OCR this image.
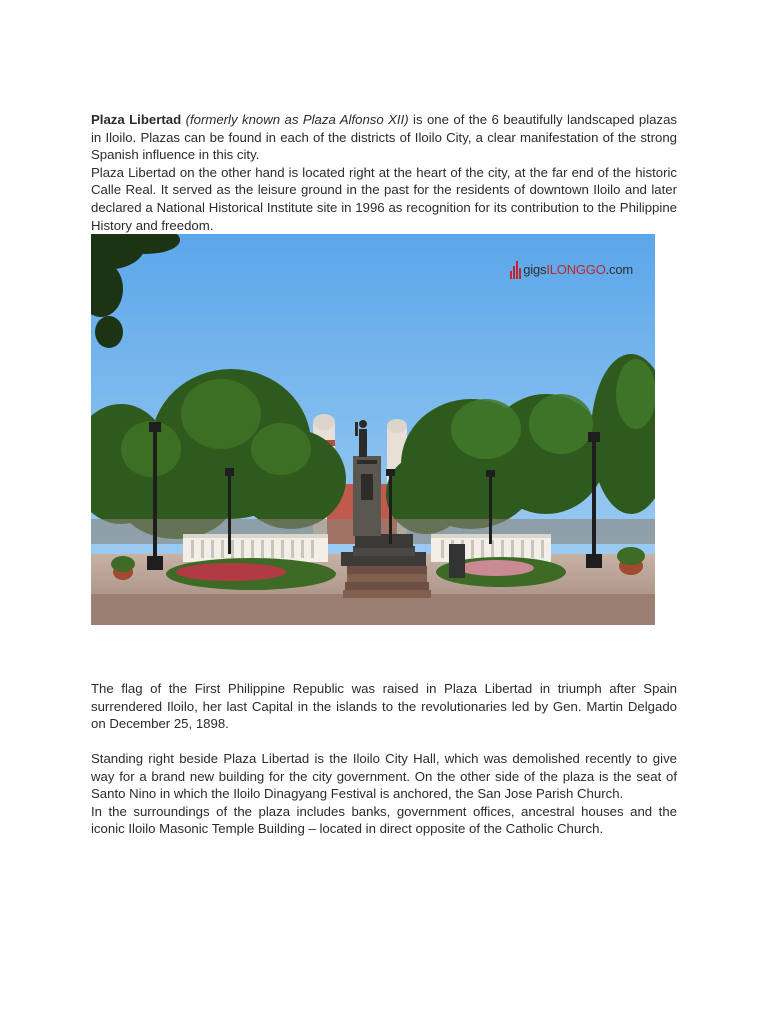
Plaza Libertad (formerly known as Plaza Alfonso XII) is one of the 6 beautifully landscaped plazas in Iloilo. Plazas can be found in each of the districts of Iloilo City, a clear manifestation of the strong Spanish influence in this city.

Plaza Libertad on the other hand is located right at the heart of the city, at the far end of the historic Calle Real. It served as the leisure ground in the past for the residents of downtown Iloilo and later declared a National Historical Institute site in 1996 as recognition for its contribution to the Philippine History and freedom.

gigs ILONGGO .com

The flag of the First Philippine Republic was raised in Plaza Libertad in triumph after Spain surrendered Iloilo, her last Capital in the islands to the revolutionaries led by Gen. Martin Delgado on December 25, 1898.

Standing right beside Plaza Libertad is the Iloilo City Hall, which was demolished recently to give way for a brand new building for the city government. On the other side of the plaza is the seat of Santo Nino in which the Iloilo Dinagyang Festival is anchored, the San Jose Parish Church.

In the surroundings of the plaza includes banks, government offices, ancestral houses and the iconic Iloilo Masonic Temple Building – located in direct opposite of the Catholic Church.
